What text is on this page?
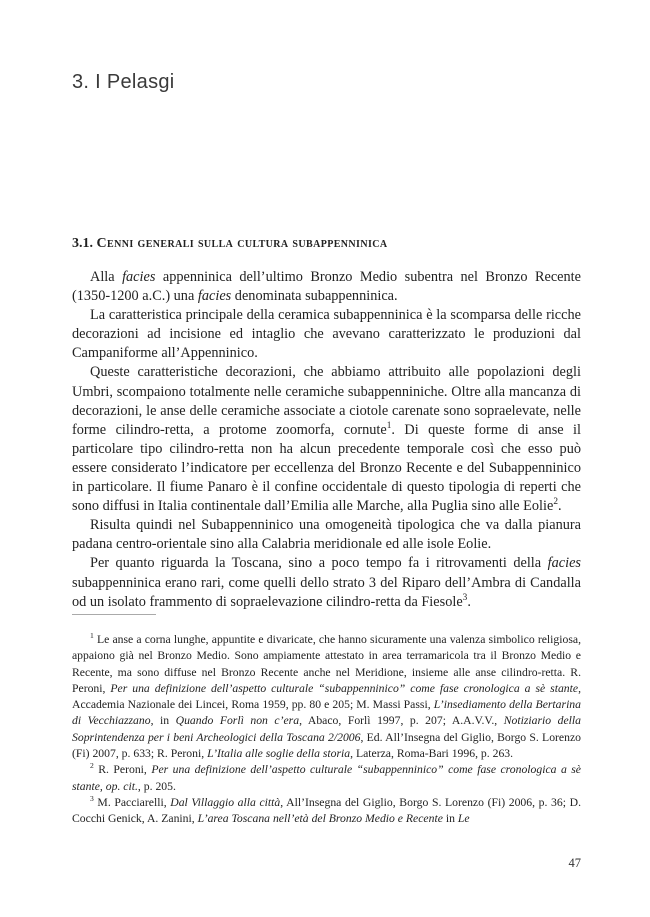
3. I Pelasgi
3.1. Cenni generali sulla cultura subappenninica

Alla facies appenninica dell’ultimo Bronzo Medio subentra nel Bronzo Recente (1350-1200 a.C.) una facies denominata subappenninica.

La caratteristica principale della ceramica subappenninica è la scomparsa delle ricche decorazioni ad incisione ed intaglio che avevano caratterizzato le produzioni dal Campaniforme all’Appenninico.

Queste caratteristiche decorazioni, che abbiamo attribuito alle popolazioni degli Umbri, scompaiono totalmente nelle ceramiche subappenniniche. Oltre alla mancanza di decorazioni, le anse delle ceramiche associate a ciotole carenate sono sopraelevate, nelle forme cilindro-retta, a protome zoomorfa, cornute$^1$. Di queste forme di anse il particolare tipo cilindro-retta non ha alcun precedente temporale così che esso può essere considerato l’indicatore per eccellenza del Bronzo Recente e del Subappenninico in particolare. Il fiume Panaro è il confine occidentale di questo tipologia di reperti che sono diffusi in Italia continentale dall’Emilia alle Marche, alla Puglia sino alle Eolie$^2$.

Risulta quindi nel Subappenninico una omogeneità tipologica che va dalla pianura padana centro-orientale sino alla Calabria meridionale ed alle isole Eolie.

Per quanto riguarda la Toscana, sino a poco tempo fa i ritrovamenti della facies subappenninica erano rari, come quelli dello strato 3 del Riparo dell’Ambra di Candalla od un isolato frammento di sopraelevazione cilindro-retta da Fiesole$^3$.

$^1$ Le anse a corna lunghe, appuntite e divaricate, che hanno sicuramente una valenza simbolico religiosa, appaiono già nel Bronzo Medio. Sono ampiamente attestato in area terramaricola tra il Bronzo Medio e Recente, ma sono diffuse nel Bronzo Recente anche nel Meridione, insieme alle anse cilindro-retta. R. Peroni, Per una definizione dell’aspetto culturale “subappenninico” come fase cronologica a sè stante, Accademia Nazionale dei Lincei, Roma 1959, pp. 80 e 205; M. Massi Passi, L’insediamento della Bertarina di Vecchiazzano, in Quando Forlì non c’era, Abaco, Forlì 1997, p. 207; A.A.V.V., Notiziario della Soprintendenza per i beni Archeologici della Toscana 2/2006, Ed. All’Insegna del Giglio, Borgo S. Lorenzo (Fi) 2007, p. 633; R. Peroni, L’Italia alle soglie della storia, Laterza, Roma-Bari 1996, p. 263.

$^2$ R. Peroni, Per una definizione dell’aspetto culturale “subappenninico” come fase cronologica a sè stante, op. cit., p. 205.

$^3$ M. Pacciarelli, Dal Villaggio alla città, All’Insegna del Giglio, Borgo S. Lorenzo (Fi) 2006, p. 36; D. Cocchi Genick, A. Zanini, L’area Toscana nell’età del Bronzo Medio e Recente in Le

47
